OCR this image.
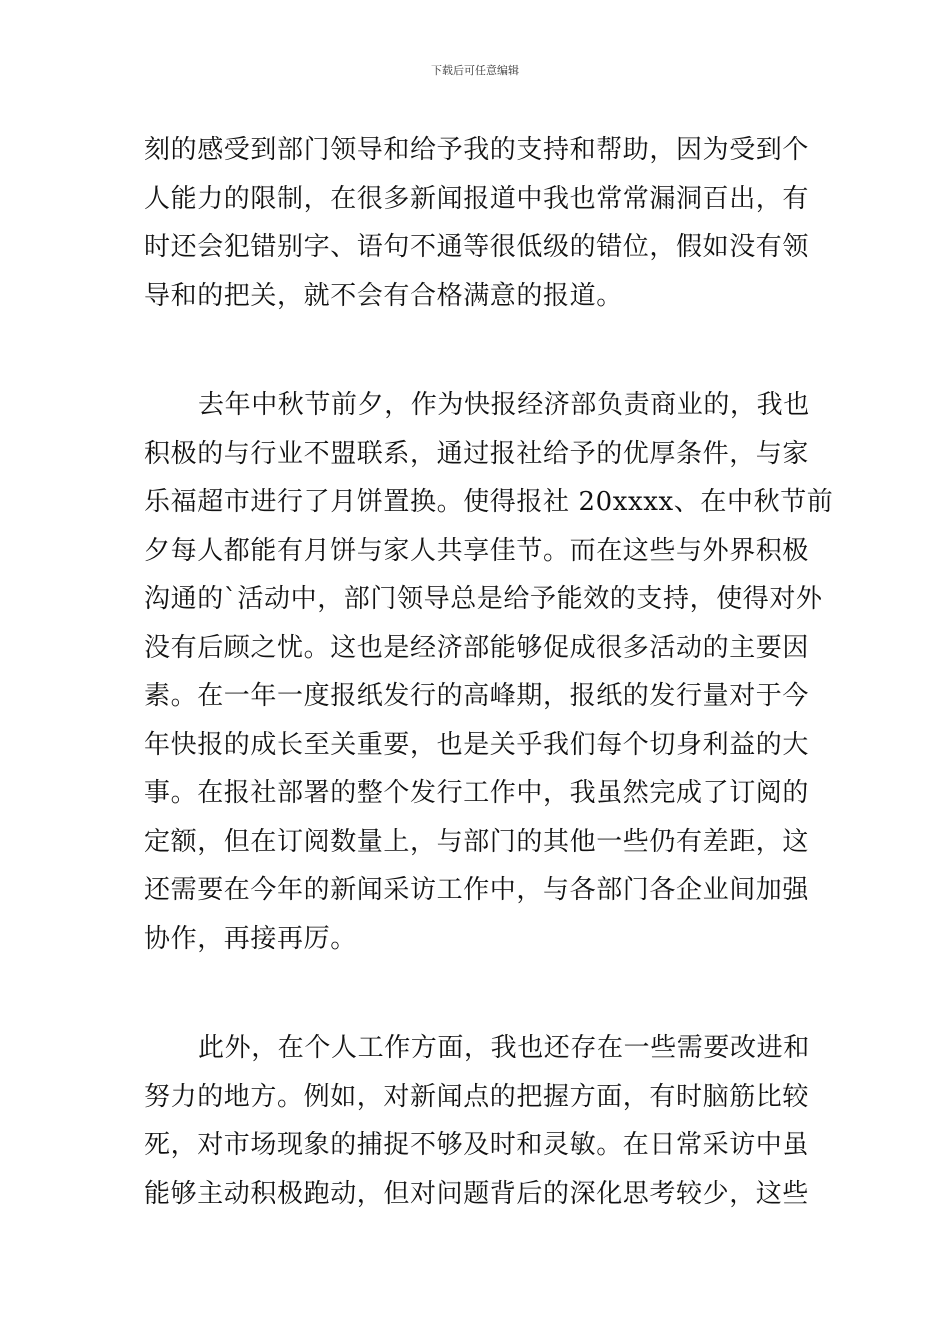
下载后可任意编辑
刻的感受到部门领导和给予我的支持和帮助，因为受到个
人能力的限制，在很多新闻报道中我也常常漏洞百出，有
时还会犯错别字、语句不通等很低级的错位，假如没有领
导和的把关，就不会有合格满意的报道。
去年中秋节前夕，作为快报经济部负责商业的，我也
积极的与行业不盟联系，通过报社给予的优厚条件，与家
乐福超市进行了月饼置换。使得报社 20xxxx、在中秋节前
夕每人都能有月饼与家人共享佳节。而在这些与外界积极
沟通的`活动中，部门领导总是给予能效的支持，使得对外
没有后顾之忧。这也是经济部能够促成很多活动的主要因
素。在一年一度报纸发行的高峰期，报纸的发行量对于今
年快报的成长至关重要，也是关乎我们每个切身利益的大
事。在报社部署的整个发行工作中，我虽然完成了订阅的
定额，但在订阅数量上，与部门的其他一些仍有差距，这
还需要在今年的新闻采访工作中，与各部门各企业间加强
协作，再接再厉。
此外，在个人工作方面，我也还存在一些需要改进和
努力的地方。例如，对新闻点的把握方面，有时脑筋比较
死，对市场现象的捕捉不够及时和灵敏。在日常采访中虽
能够主动积极跑动，但对问题背后的深化思考较少，这些
